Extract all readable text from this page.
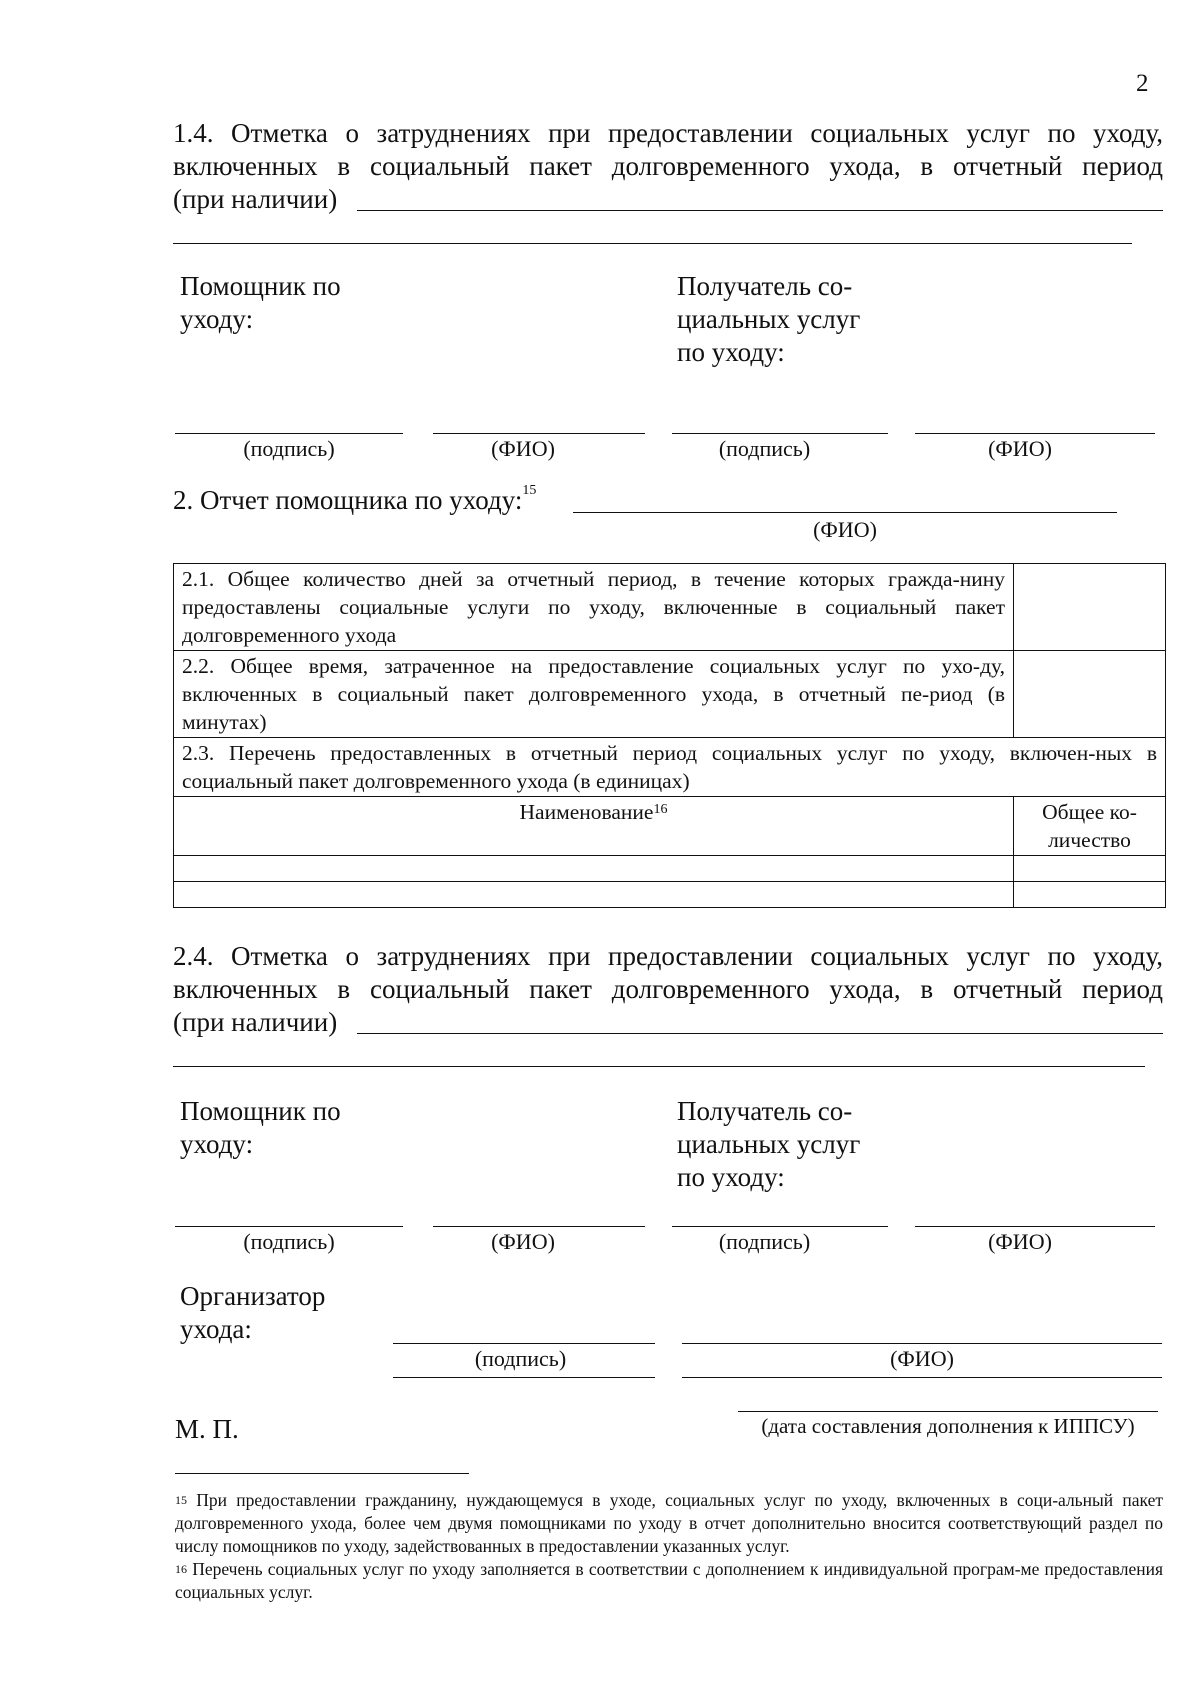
2
1.4. Отметка о затруднениях при предоставлении социальных услуг по уходу,
включенных в социальный пакет долговременного ухода, в отчетный период
(при наличии)
Помощник по
уходу:
Получатель со-
циальных услуг
по уходу:
(подпись)	(ФИО)	(подпись)	(ФИО)
2. Отчет помощника по уходу:$^{15}$
(ФИО)
2.1. Общее количество дней за отчетный период, в течение которых гражда-нину предоставлены социальные услуги по уходу, включенные в социальный пакет долговременного ухода	
2.2. Общее время, затраченное на предоставление социальных услуг по ухо-ду, включенных в социальный пакет долговременного ухода, в отчетный пе-риод (в минутах)	
2.3. Перечень предоставленных в отчетный период социальных услуг по уходу, включен-ных в социальный пакет долговременного ухода (в единицах)	
Наименование$^{16}$	Общее ко-личество

2.4. Отметка о затруднениях при предоставлении социальных услуг по уходу,
включенных в социальный пакет долговременного ухода, в отчетный период
(при наличии)
Помощник по
уходу:
Получатель со-
циальных услуг
по уходу:
(подпись)	(ФИО)	(подпись)	(ФИО)
Организатор
ухода:
(подпись)	(ФИО)
М. П.	(дата составления дополнения к ИППСУ)
$^{15}$ При предоставлении гражданину, нуждающемуся в уходе, социальных услуг по уходу, включенных в соци-альный пакет долговременного ухода, более чем двумя помощниками по уходу в отчет дополнительно вносится соответствующий раздел по числу помощников по уходу, задействованных в предоставлении указанных услуг.
$^{16}$ Перечень социальных услуг по уходу заполняется в соответствии с дополнением к индивидуальной програм-ме предоставления социальных услуг.
